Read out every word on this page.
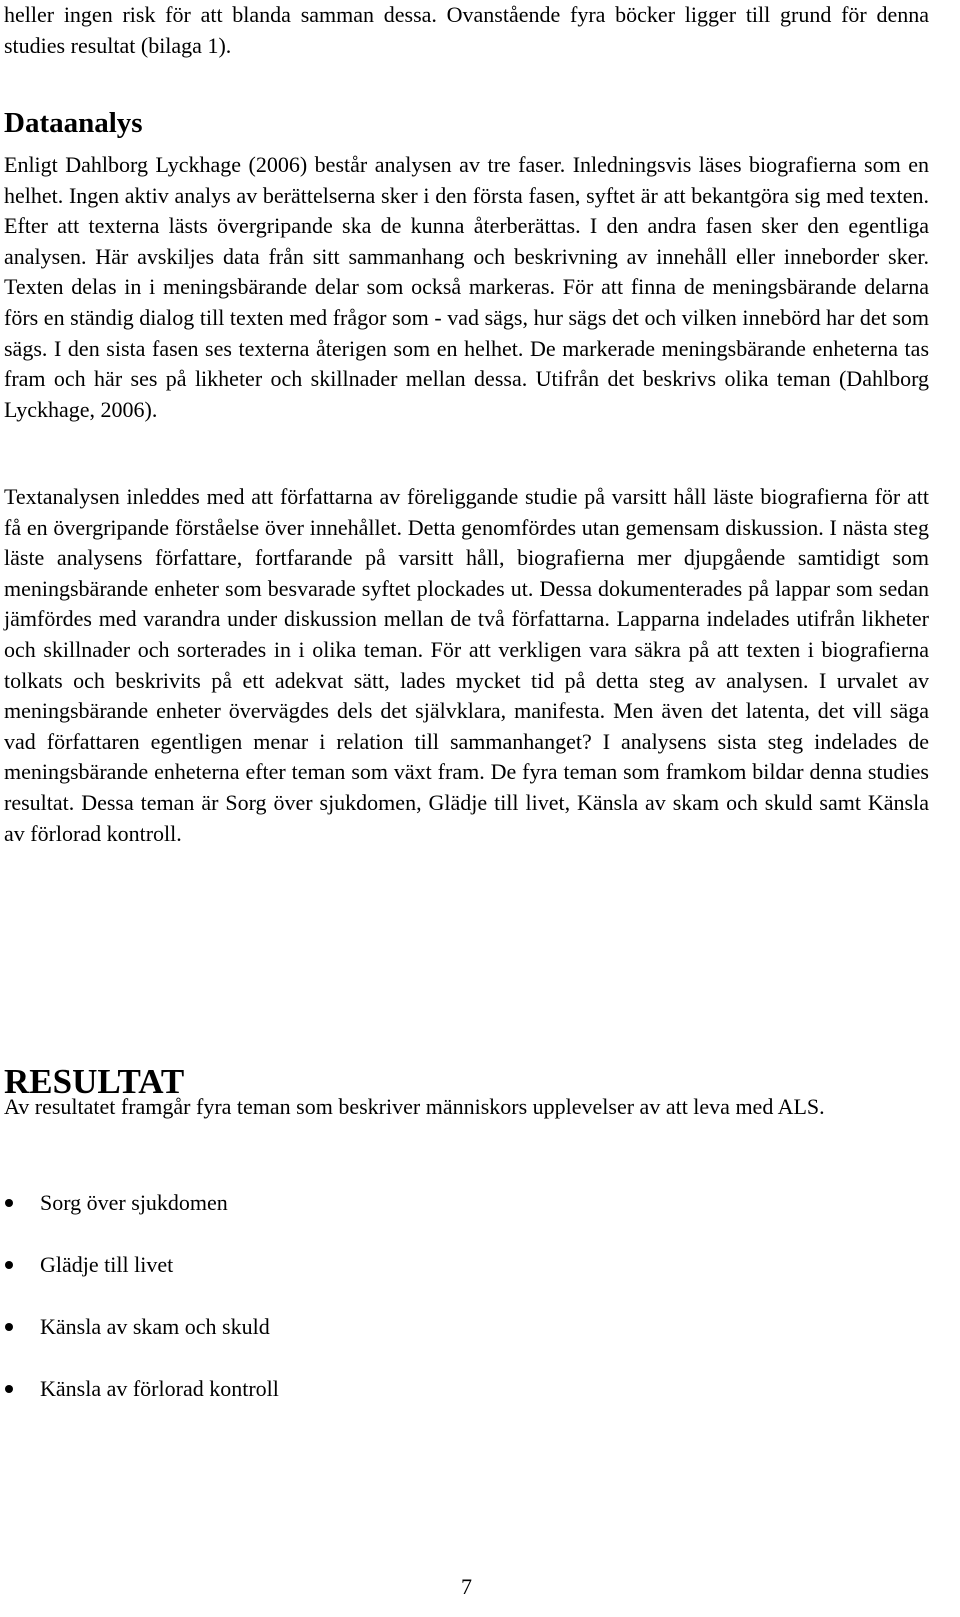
heller ingen risk för att blanda samman dessa. Ovanstående fyra böcker ligger till grund för denna studies resultat (bilaga 1).

Dataanalys

Enligt Dahlborg Lyckhage (2006) består analysen av tre faser. Inledningsvis läses biografierna som en helhet. Ingen aktiv analys av berättelserna sker i den första fasen, syftet är att bekantgöra sig med texten. Efter att texterna lästs övergripande ska de kunna återberättas. I den andra fasen sker den egentliga analysen. Här avskiljes data från sitt sammanhang och beskrivning av innehåll eller inneborder sker. Texten delas in i meningsbärande delar som också markeras. För att finna de meningsbärande delarna förs en ständig dialog till texten med frågor som - vad sägs, hur sägs det och vilken innebörd har det som sägs. I den sista fasen ses texterna återigen som en helhet. De markerade meningsbärande enheterna tas fram och här ses på likheter och skillnader mellan dessa. Utifrån det beskrivs olika teman (Dahlborg Lyckhage, 2006).

Textanalysen inleddes med att författarna av föreliggande studie på varsitt håll läste biografierna för att få en övergripande förståelse över innehållet. Detta genomfördes utan gemensam diskussion. I nästa steg läste analysens författare, fortfarande på varsitt håll, biografierna mer djupgående samtidigt som meningsbärande enheter som besvarade syftet plockades ut. Dessa dokumenterades på lappar som sedan jämfördes med varandra under diskussion mellan de två författarna. Lapparna indelades utifrån likheter och skillnader och sorterades in i olika teman. För att verkligen vara säkra på att texten i biografierna tolkats och beskrivits på ett adekvat sätt, lades mycket tid på detta steg av analysen. I urvalet av meningsbärande enheter övervägdes dels det självklara, manifesta. Men även det latenta, det vill säga vad författaren egentligen menar i relation till sammanhanget? I analysens sista steg indelades de meningsbärande enheterna efter teman som växt fram. De fyra teman som framkom bildar denna studies resultat. Dessa teman är Sorg över sjukdomen, Glädje till livet, Känsla av skam och skuld samt Känsla av förlorad kontroll.

RESULTAT

Av resultatet framgår fyra teman som beskriver människors upplevelser av att leva med ALS.

Sorg över sjukdomen
Glädje till livet
Känsla av skam och skuld
Känsla av förlorad kontroll
7
